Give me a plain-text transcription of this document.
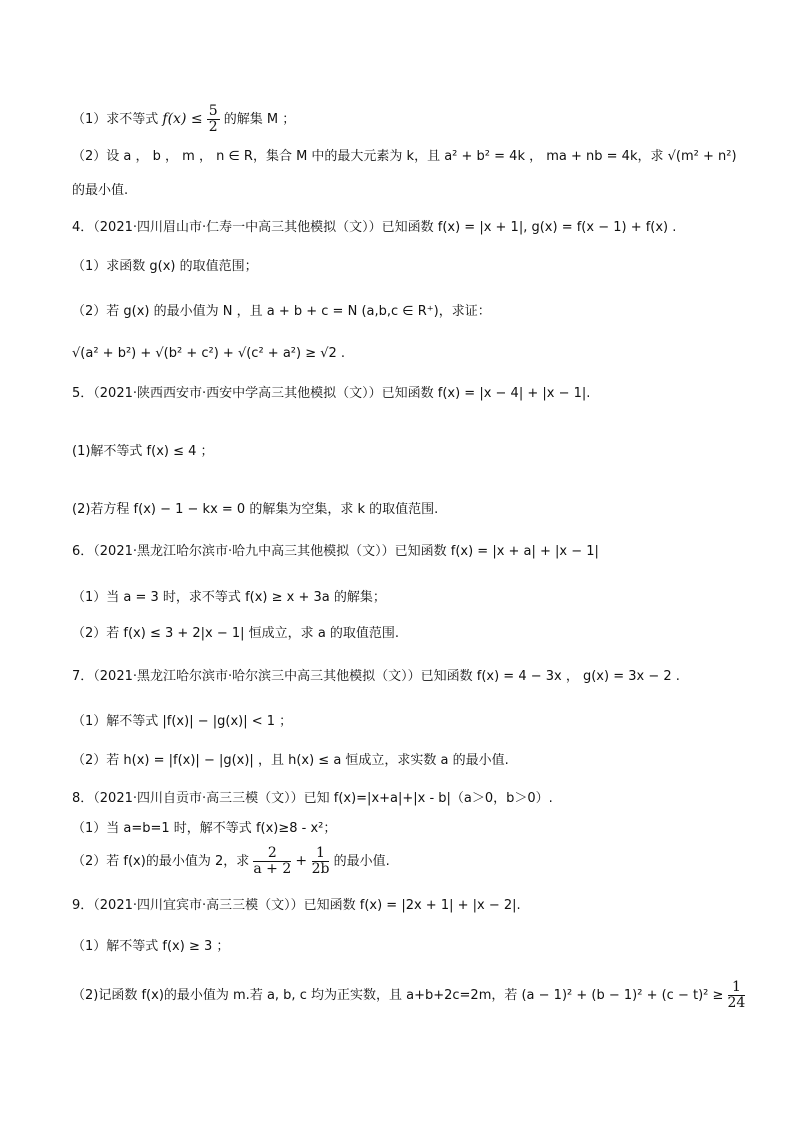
（1）求不等式 $f(x) \le \frac{5}{2}$ 的解集 M ；
（2）设 a ， b ， m ， n ∈ R，集合 M 中的最大元素为 k，且 a² + b² = 4k ， ma + nb = 4k，求 √(m² + n²)
的最小值.
4．（2021·四川眉山市·仁寿一中高三其他模拟（文））已知函数 f(x) = |x + 1|, g(x) = f(x − 1) + f(x) .
（1）求函数 g(x) 的取值范围；
（2）若 g(x) 的最小值为 N ，且 a + b + c = N (a,b,c ∈ R⁺)，求证：
√(a² + b²) + √(b² + c²) + √(c² + a²) ≥ √2 .
5．（2021·陕西西安市·西安中学高三其他模拟（文））已知函数 f(x) = |x − 4| + |x − 1|.
(1)解不等式 f(x) ≤ 4 ；
(2)若方程 f(x) − 1 − kx = 0 的解集为空集，求 k 的取值范围.
6．（2021·黑龙江哈尔滨市·哈九中高三其他模拟（文））已知函数 f(x) = |x + a| + |x − 1|
（1）当 a = 3 时，求不等式 f(x) ≥ x + 3a 的解集；
（2）若 f(x) ≤ 3 + 2|x − 1| 恒成立，求 a 的取值范围.
7．（2021·黑龙江哈尔滨市·哈尔滨三中高三其他模拟（文））已知函数 f(x) = 4 − 3x ， g(x) = 3x − 2 .
（1）解不等式 |f(x)| − |g(x)| < 1 ；
（2）若 h(x) = |f(x)| − |g(x)| ，且 h(x) ≤ a 恒成立，求实数 a 的最小值.
8．（2021·四川自贡市·高三三模（文））已知 f(x)=|x+a|+|x - b|（a＞0，b＞0）.
（1）当 a=b=1 时，解不等式 f(x)≥8 - x²；
（2）若 f(x)的最小值为 2，求 $\frac{2}{a + 2} + \frac{1}{2b}$ 的最小值.
9．（2021·四川宜宾市·高三三模（文））已知函数 f(x) = |2x + 1| + |x − 2|.
（1）解不等式 f(x) ≥ 3 ；
（2)记函数 f(x)的最小值为 m.若 a, b, c 均为正实数，且 a+b+2c=2m，若 $(a - 1)^2 + (b - 1)^2 + (c - t)^2 \ge \frac{1}{24}$
